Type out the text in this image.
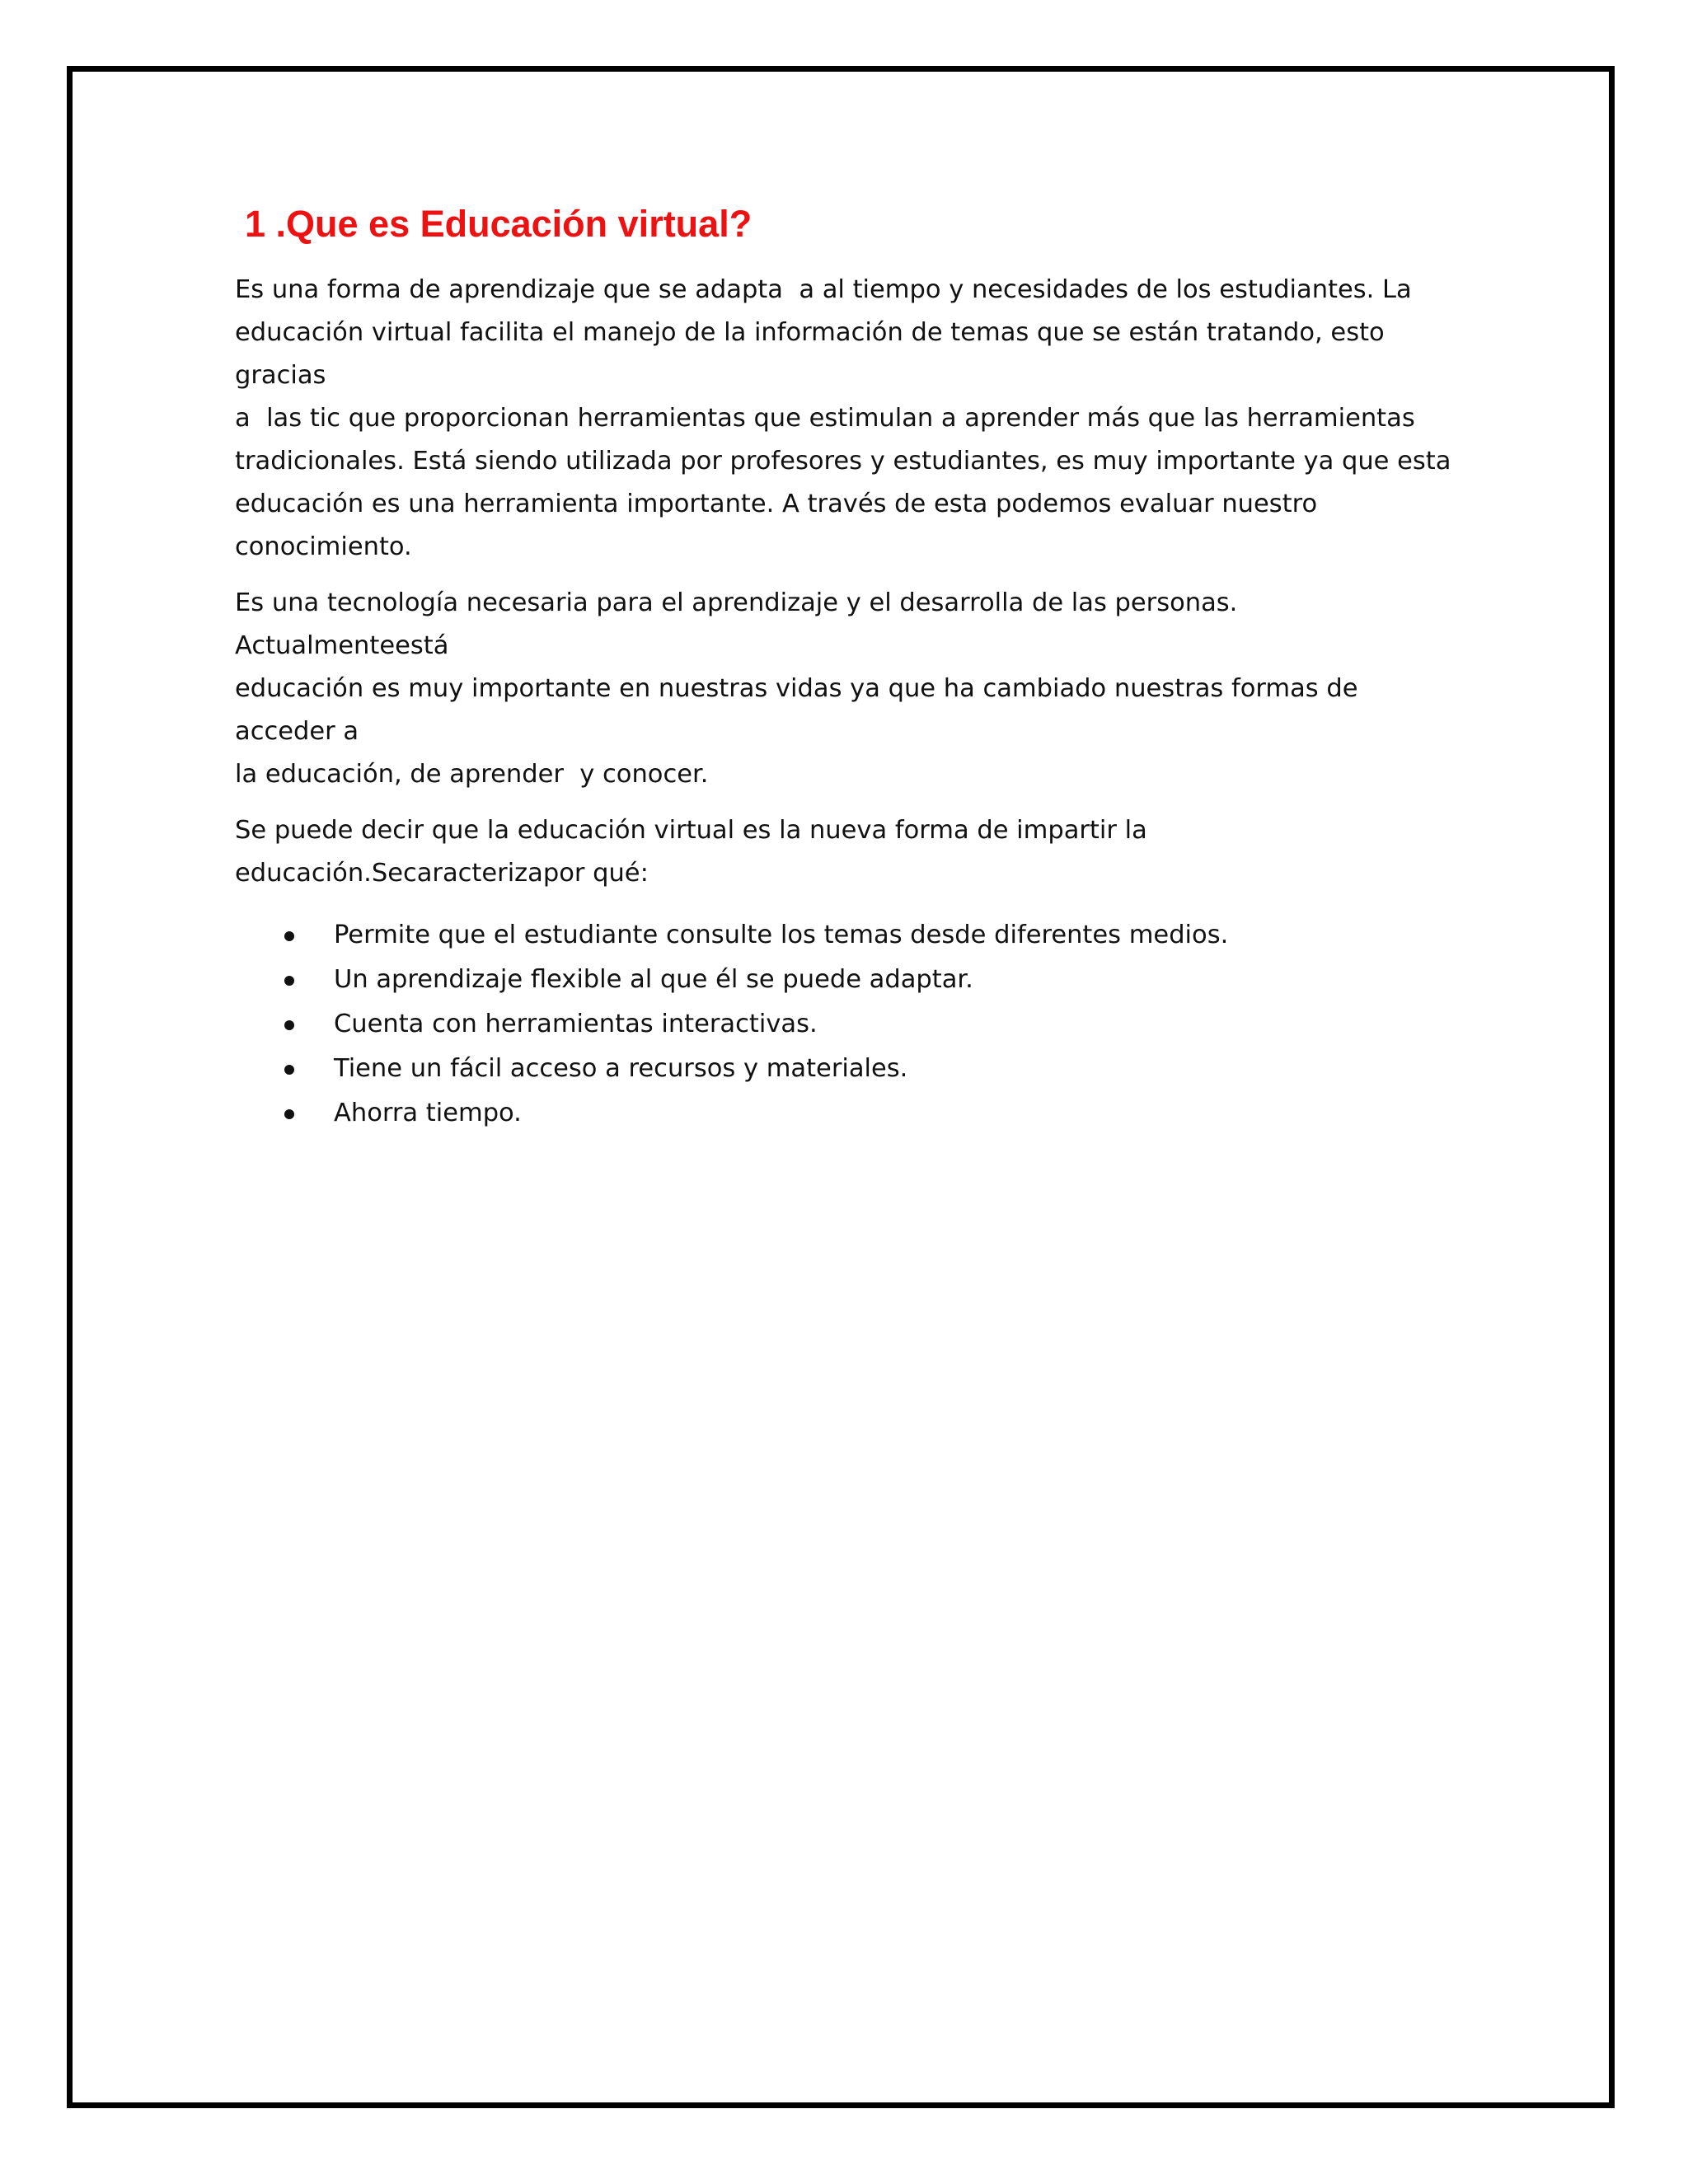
1 .Que es Educación virtual?

Es una forma de aprendizaje que se adapta  a al tiempo y necesidades de los estudiantes. La
educación virtual facilita el manejo de la información de temas que se están tratando, esto gracias
a  las tic que proporcionan herramientas que estimulan a aprender más que las herramientas
tradicionales. Está siendo utilizada por profesores y estudiantes, es muy importante ya que esta
educación es una herramienta importante. A través de esta podemos evaluar nuestro
conocimiento.

Es una tecnología necesaria para el aprendizaje y el desarrolla de las personas. Actualmenteestá
educación es muy importante en nuestras vidas ya que ha cambiado nuestras formas de acceder a
la educación, de aprender  y conocer.

Se puede decir que la educación virtual es la nueva forma de impartir la
educación.Secaracterizapor qué:

Permite que el estudiante consulte los temas desde diferentes medios.
Un aprendizaje flexible al que él se puede adaptar.
Cuenta con herramientas interactivas.
Tiene un fácil acceso a recursos y materiales.
Ahorra tiempo.
